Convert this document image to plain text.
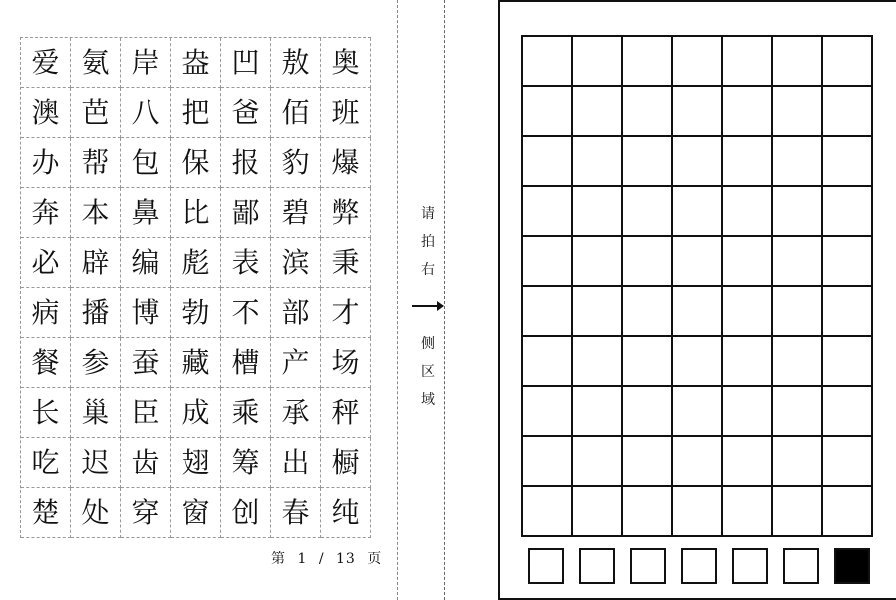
爱 氨 岸 盎 凹 敖 奥
澳 芭 八 把 爸 佰 班
办 帮 包 保 报 豹 爆
奔 本 鼻 比 鄙 碧 弊
必 辟 编 彪 表 滨 秉
病 播 博 勃 不 部 才
餐 参 蚕 藏 槽 产 场
长 巢 臣 成 乘 承 秤
吃 迟 齿 翅 筹 出 橱
楚 处 穿 窗 创 春 纯
第 1 / 13 页
请
拍
右
侧
区
域
